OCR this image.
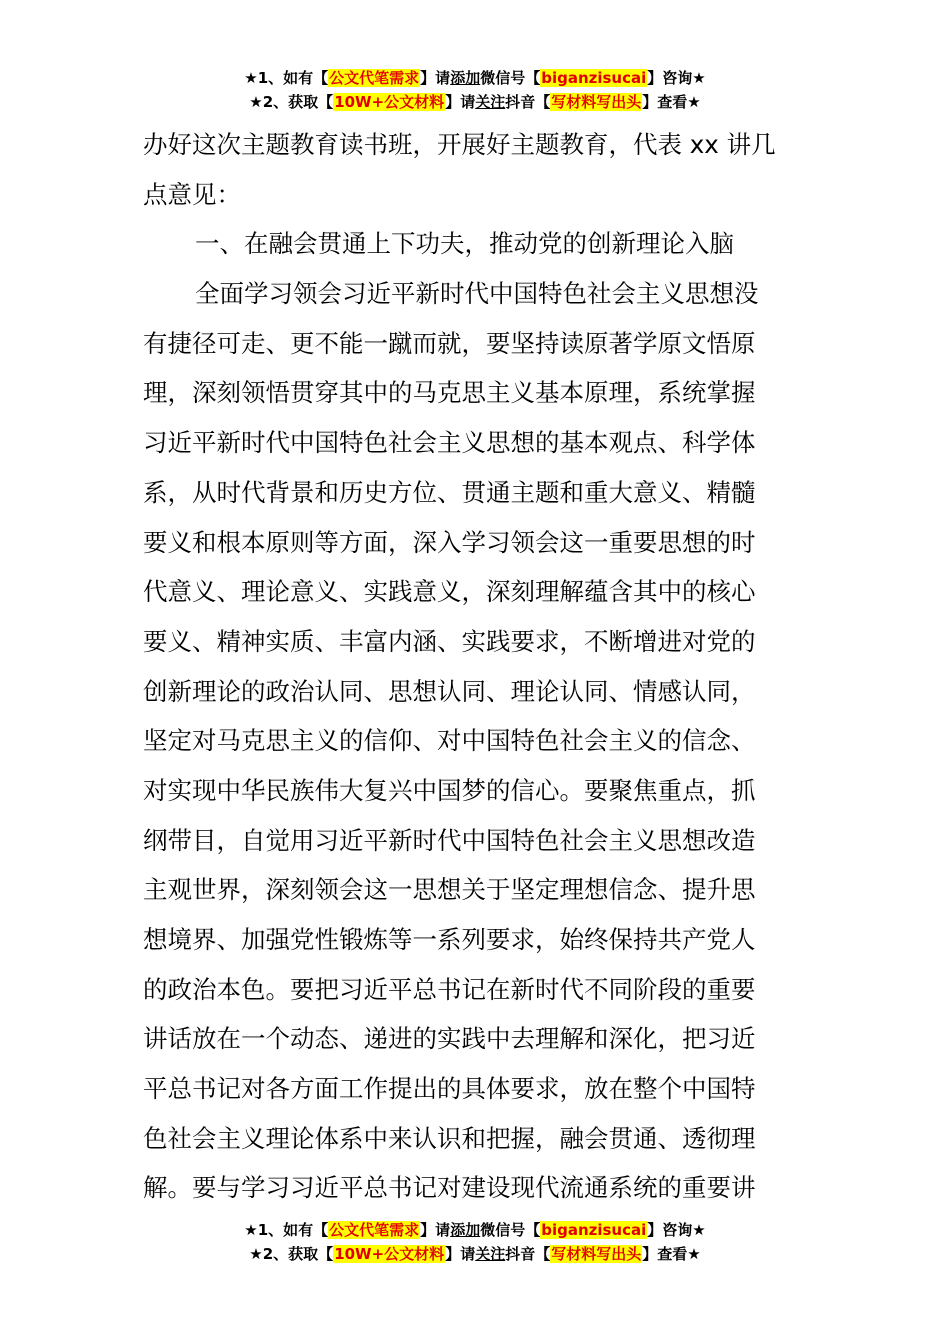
★1、如有【公文代笔需求】请添加微信号【biganzisucai】咨询★
★2、获取【10W+公文材料】请关注抖音【写材料写出头】查看★
办好这次主题教育读书班，开展好主题教育，代表 xx 讲几
点意见：
一、在融会贯通上下功夫，推动党的创新理论入脑
全面学习领会习近平新时代中国特色社会主义思想没
有捷径可走、更不能一蹴而就，要坚持读原著学原文悟原
理，深刻领悟贯穿其中的马克思主义基本原理，系统掌握
习近平新时代中国特色社会主义思想的基本观点、科学体
系，从时代背景和历史方位、贯通主题和重大意义、精髓
要义和根本原则等方面，深入学习领会这一重要思想的时
代意义、理论意义、实践意义，深刻理解蕴含其中的核心
要义、精神实质、丰富内涵、实践要求，不断增进对党的
创新理论的政治认同、思想认同、理论认同、情感认同，
坚定对马克思主义的信仰、对中国特色社会主义的信念、
对实现中华民族伟大复兴中国梦的信心。要聚焦重点，抓
纲带目，自觉用习近平新时代中国特色社会主义思想改造
主观世界，深刻领会这一思想关于坚定理想信念、提升思
想境界、加强党性锻炼等一系列要求，始终保持共产党人
的政治本色。要把习近平总书记在新时代不同阶段的重要
讲话放在一个动态、递进的实践中去理解和深化，把习近
平总书记对各方面工作提出的具体要求，放在整个中国特
色社会主义理论体系中来认识和把握，融会贯通、透彻理
解。要与学习习近平总书记对建设现代流通系统的重要讲
★1、如有【公文代笔需求】请添加微信号【biganzisucai】咨询★
★2、获取【10W+公文材料】请关注抖音【写材料写出头】查看★
